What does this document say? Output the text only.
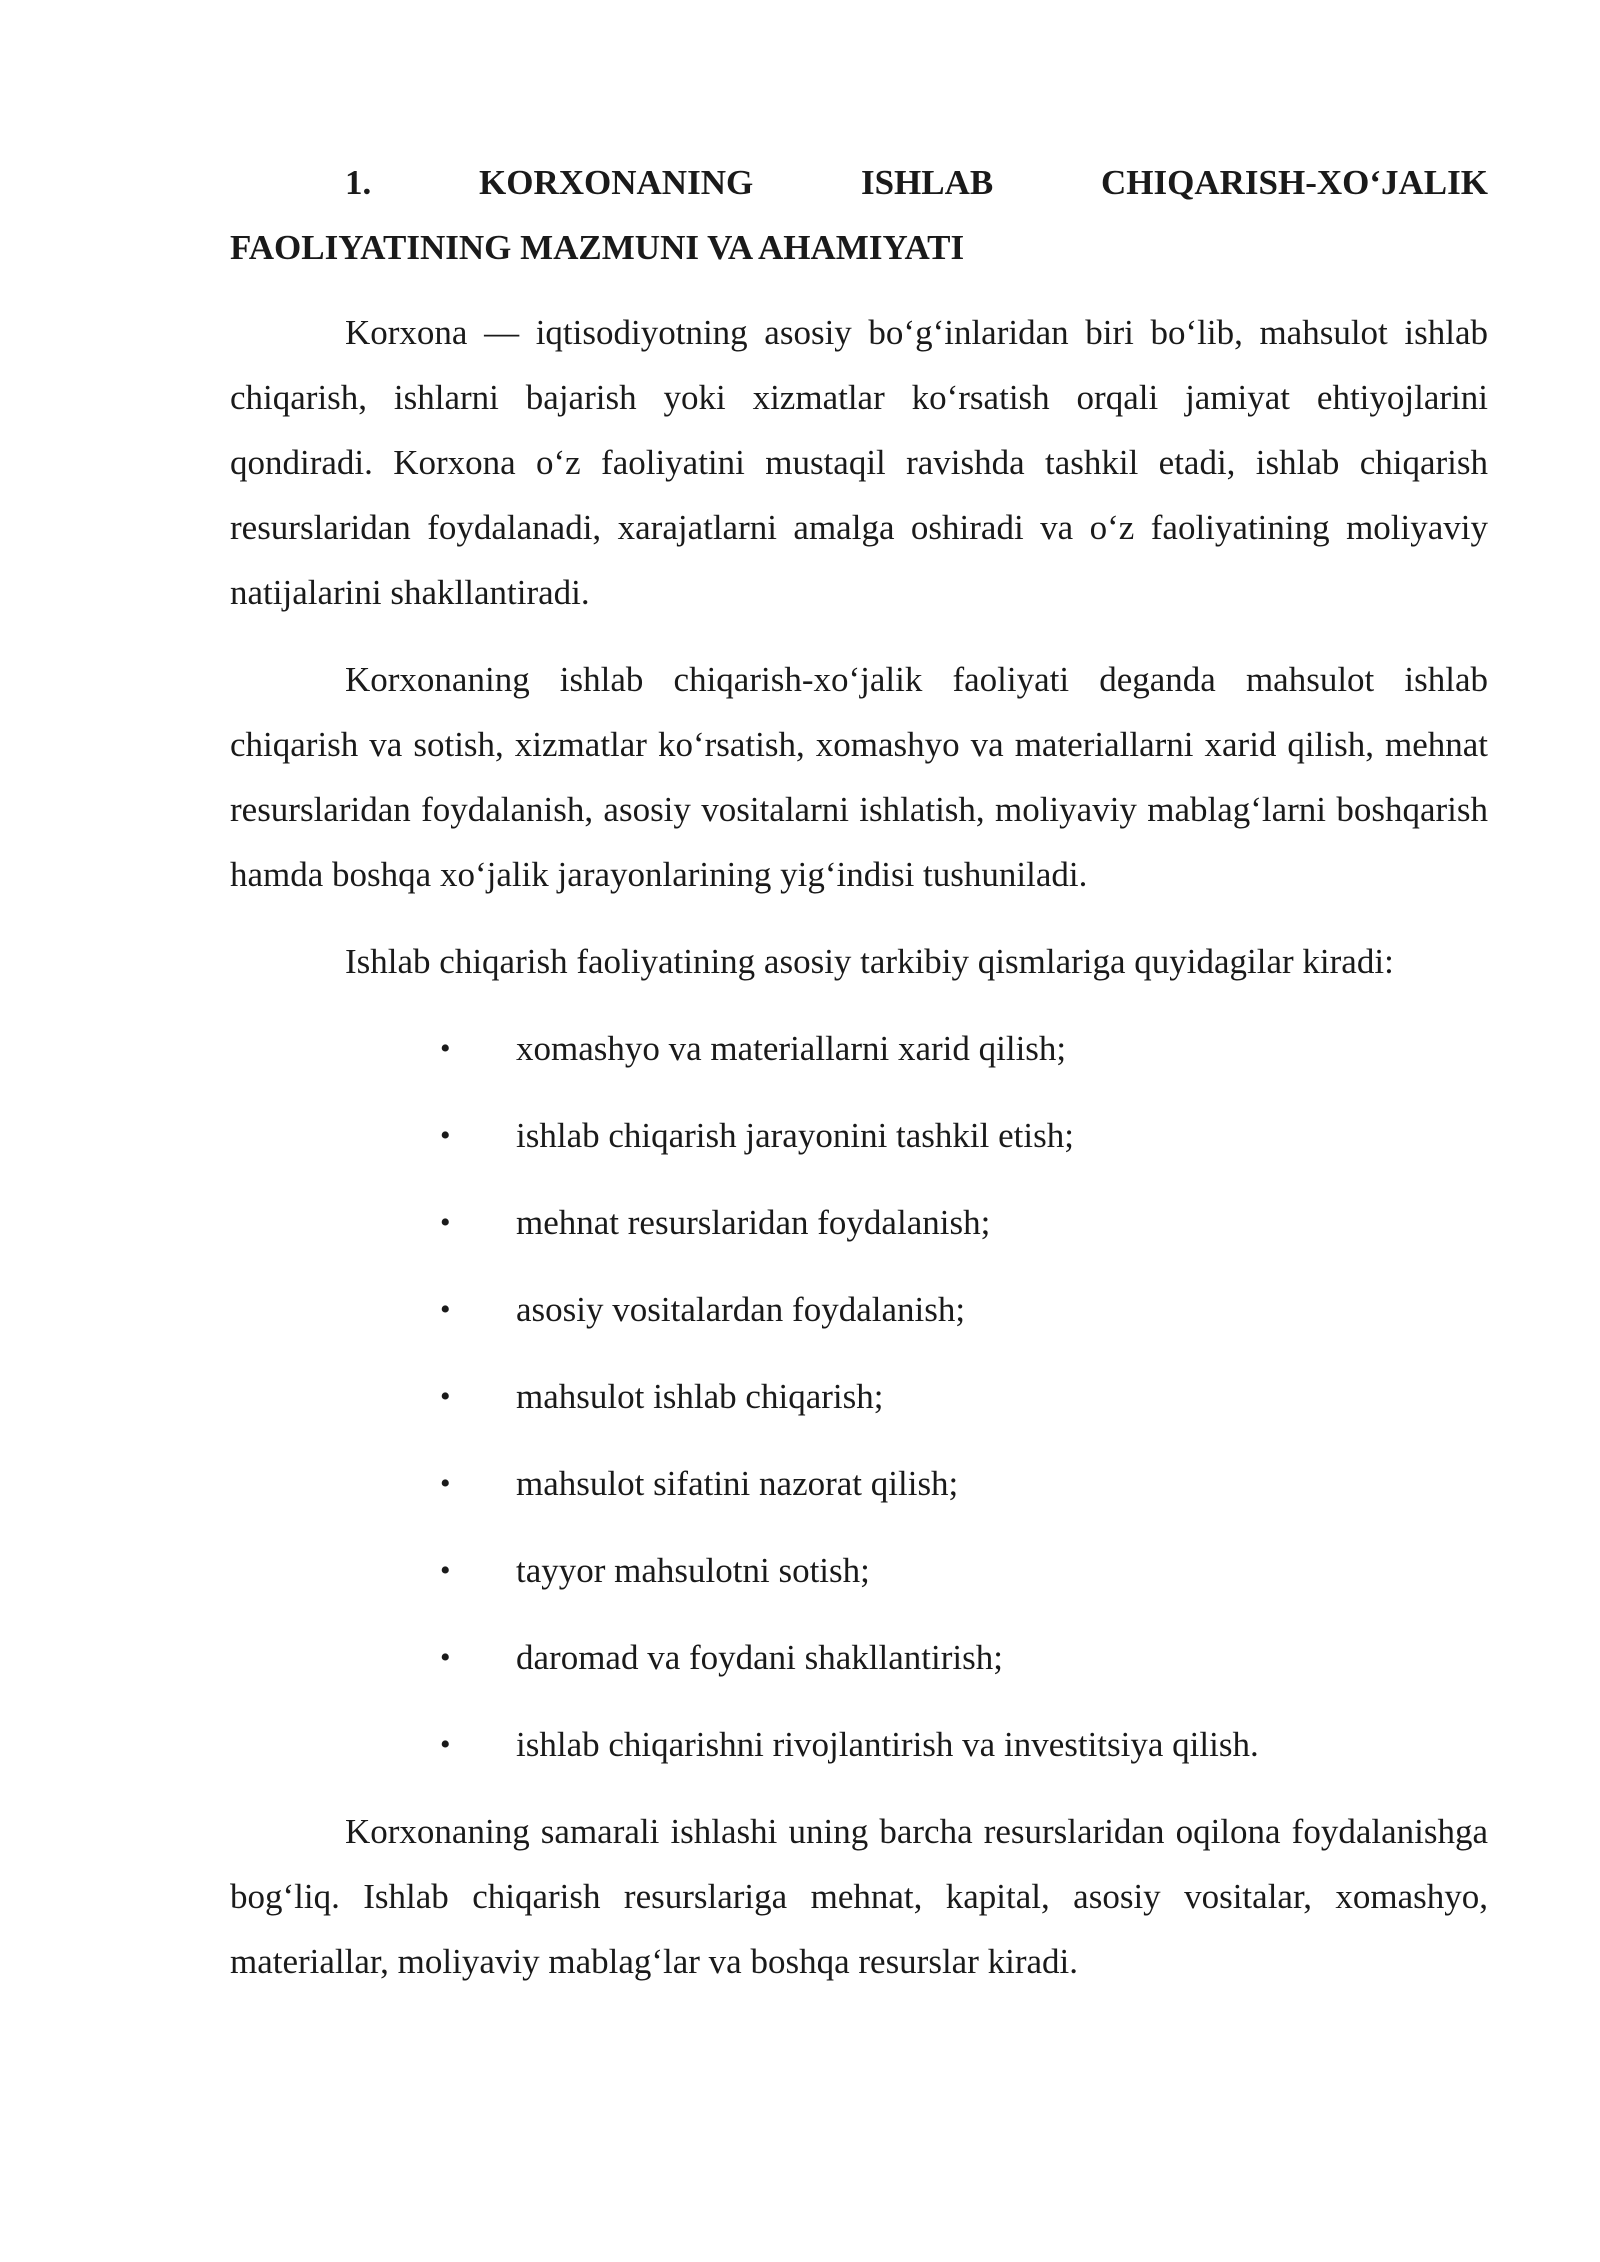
1.	KORXONANING	ISHLAB	CHIQARISH-XO‘JALIK
FAOLIYATINING MAZMUNI VA AHAMIYATI

Korxona — iqtisodiyotning asosiy bo‘g‘inlaridan biri bo‘lib, mahsulot ishlab chiqarish, ishlarni bajarish yoki xizmatlar ko‘rsatish orqali jamiyat ehtiyojlarini qondiradi. Korxona o‘z faoliyatini mustaqil ravishda tashkil etadi, ishlab chiqarish resurslaridan foydalanadi, xarajatlarni amalga oshiradi va o‘z faoliyatining moliyaviy natijalarini shakllantiradi.

Korxonaning ishlab chiqarish-xo‘jalik faoliyati deganda mahsulot ishlab chiqarish va sotish, xizmatlar ko‘rsatish, xomashyo va materiallarni xarid qilish, mehnat resurslaridan foydalanish, asosiy vositalarni ishlatish, moliyaviy mablag‘larni boshqarish hamda boshqa xo‘jalik jarayonlarining yig‘indisi tushuniladi.

Ishlab chiqarish faoliyatining asosiy tarkibiy qismlariga quyidagilar kiradi:

• xomashyo va materiallarni xarid qilish;
• ishlab chiqarish jarayonini tashkil etish;
• mehnat resurslaridan foydalanish;
• asosiy vositalardan foydalanish;
• mahsulot ishlab chiqarish;
• mahsulot sifatini nazorat qilish;
• tayyor mahsulotni sotish;
• daromad va foydani shakllantirish;
• ishlab chiqarishni rivojlantirish va investitsiya qilish.

Korxonaning samarali ishlashi uning barcha resurslaridan oqilona foydalanishga bog‘liq. Ishlab chiqarish resurslariga mehnat, kapital, asosiy vositalar, xomashyo, materiallar, moliyaviy mablag‘lar va boshqa resurslar kiradi.
